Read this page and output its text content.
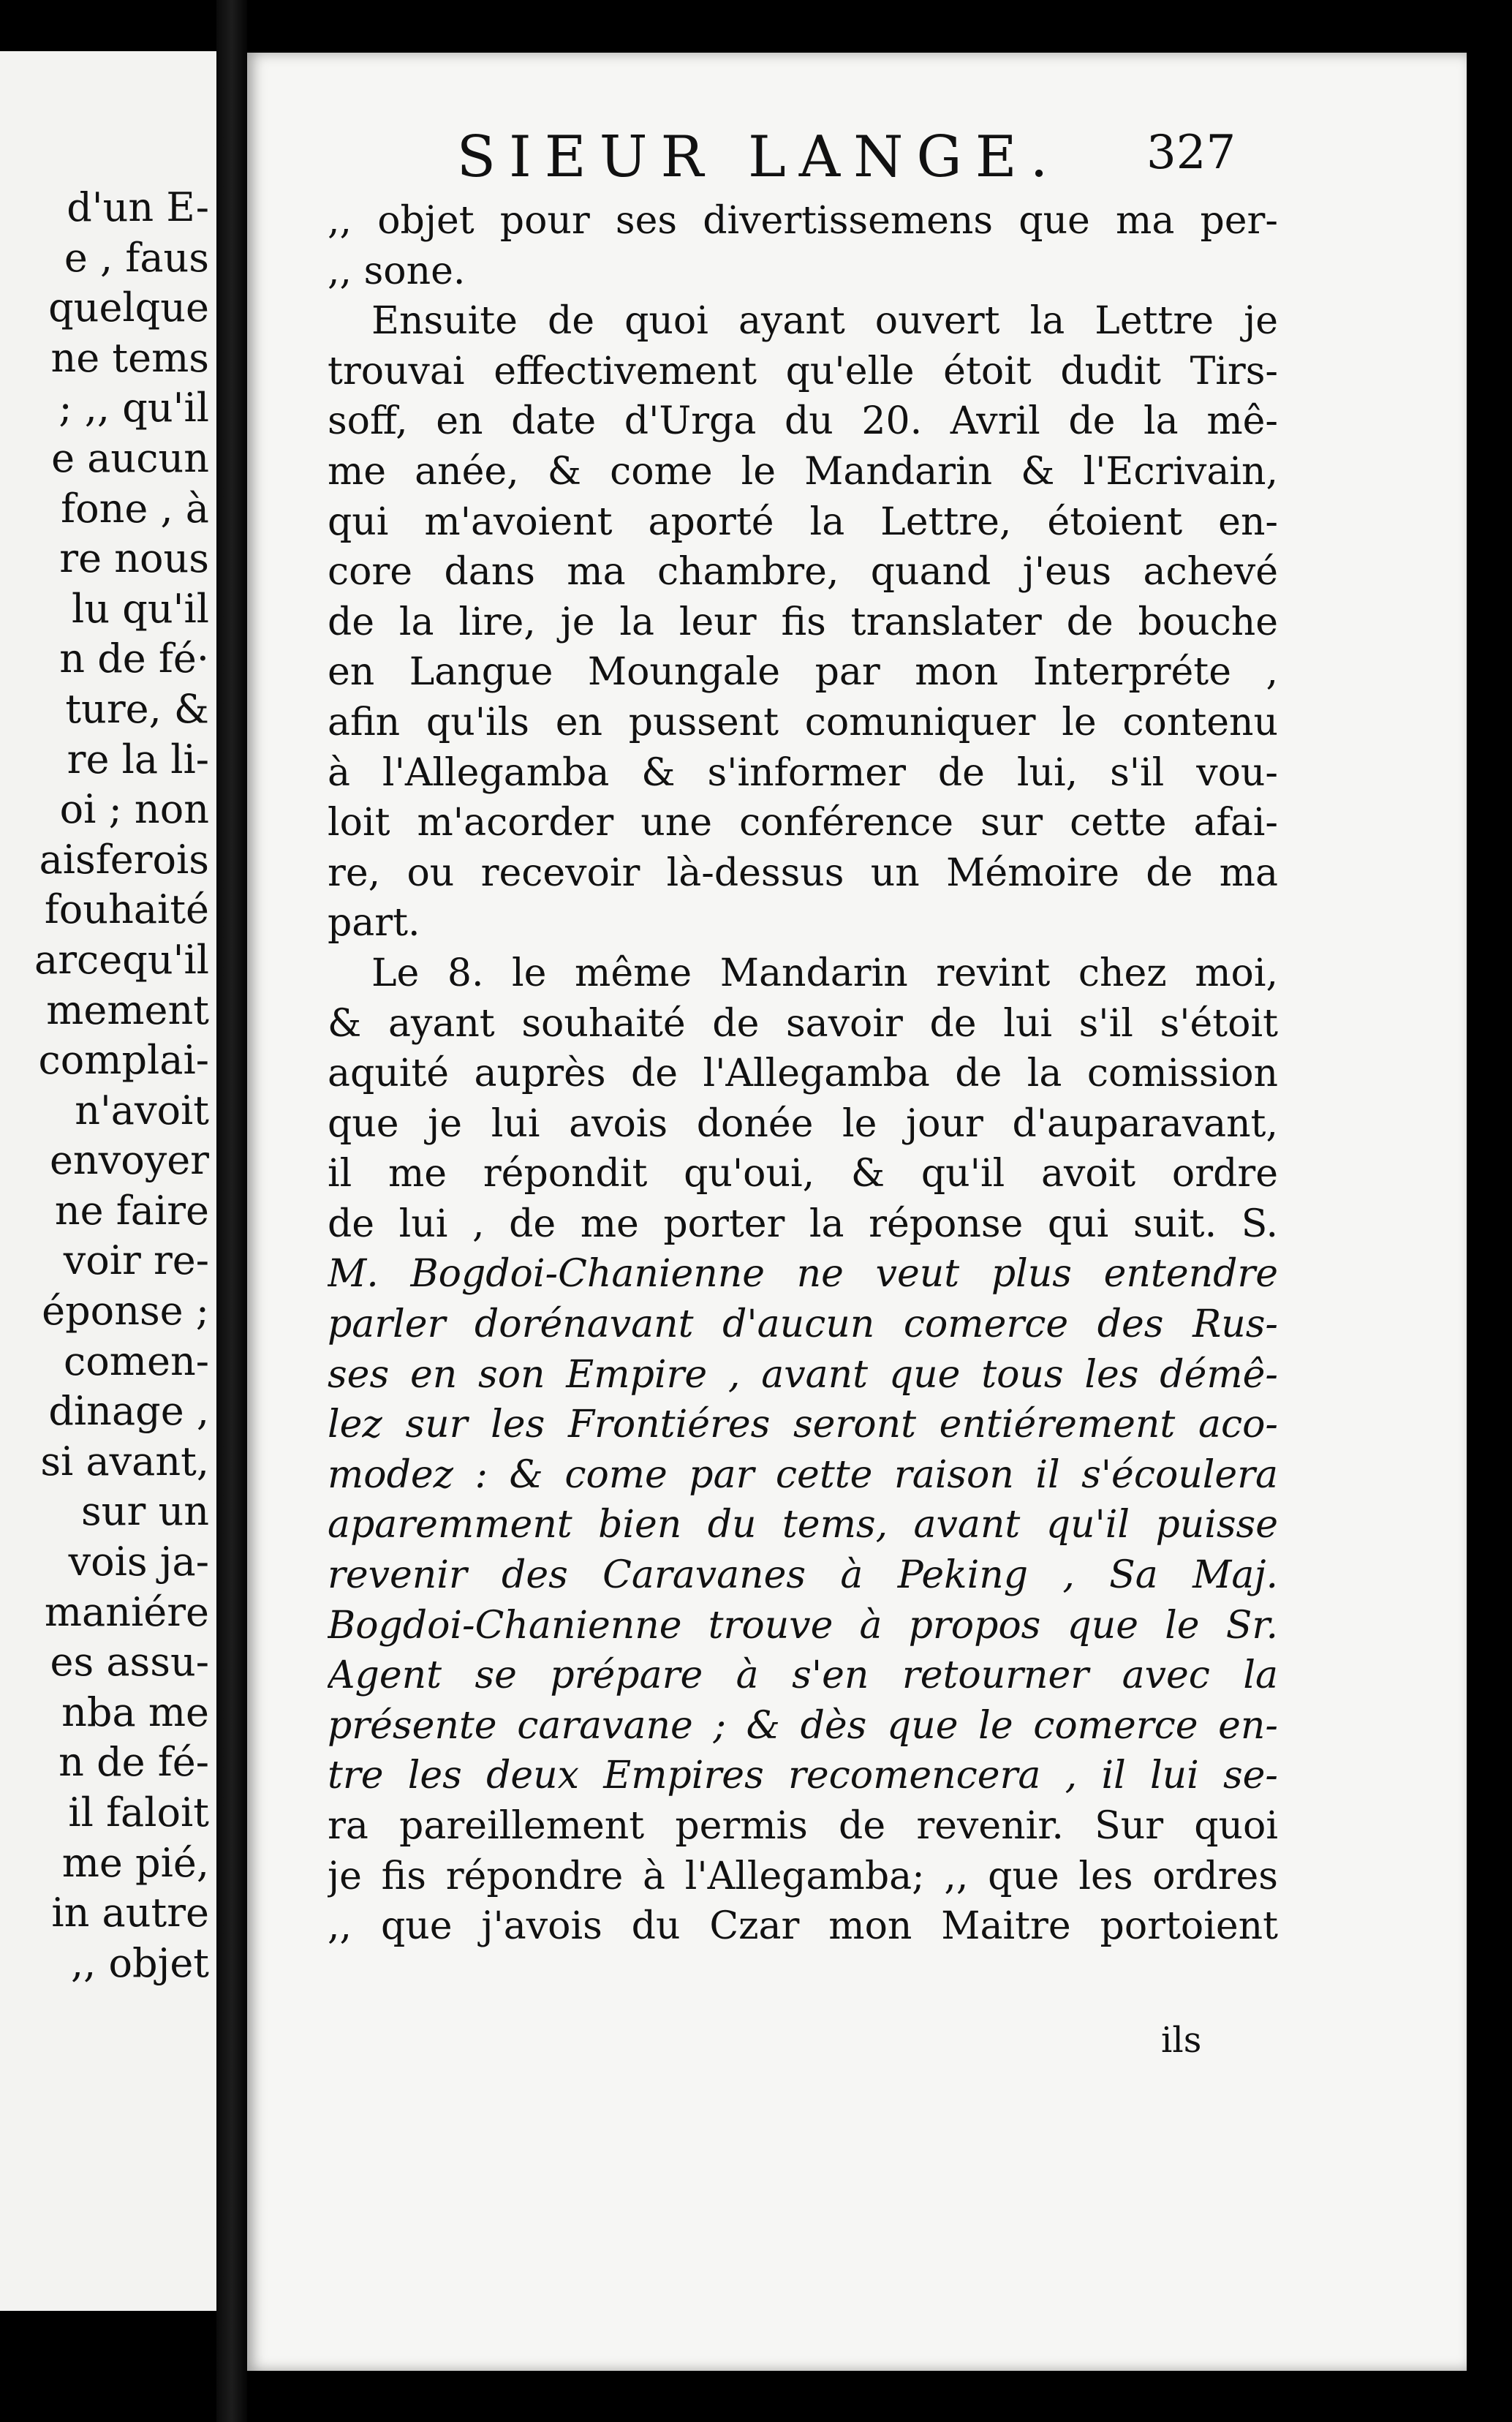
d'un E-
e , faus
quelque
ne tems
; ,, qu'il
e aucun
fone , à
re nous
lu qu'il
n de fé·
ture, &
re la li-
oi ; non
aisferois
fouhaité
arcequ'il
mement
complai-
n'avoit
envoyer
ne faire
voir re-
éponse ;
comen-
dinage ,
si avant,
sur un
vois ja-
maniére
es assu-
nba me
n de fé-
il faloit
me pié,
in autre
,, objet
SIEUR LANGE.	327
,, objet pour ses divertissemens que ma per-
,, sone.
Ensuite de quoi ayant ouvert la Lettre je
trouvai effectivement qu'elle étoit dudit Tirs-
soff, en date d'Urga du 20. Avril de la mê-
me anée, & come le Mandarin & l'Ecrivain,
qui m'avoient aporté la Lettre, étoient en-
core dans ma chambre, quand j'eus achevé
de la lire, je la leur fis translater de bouche
en Langue Moungale par mon Interpréte ,
afin qu'ils en pussent comuniquer le contenu
à l'Allegamba & s'informer de lui, s'il vou-
loit m'acorder une conférence sur cette afai-
re, ou recevoir là-dessus un Mémoire de ma
part.
Le 8. le même Mandarin revint chez moi,
& ayant souhaité de savoir de lui s'il s'étoit
aquité auprès de l'Allegamba de la comission
que je lui avois donée le jour d'auparavant,
il me répondit qu'oui, & qu'il avoit ordre
de lui , de me porter la réponse qui suit. S.
M. Bogdoi-Chanienne ne veut plus entendre
parler dorénavant d'aucun comerce des Rus-
ses en son Empire , avant que tous les démê-
lez sur les Frontiéres seront entiérement aco-
modez : & come par cette raison il s'écoulera
aparemment bien du tems, avant qu'il puisse
revenir des Caravanes à Peking , Sa Maj.
Bogdoi-Chanienne trouve à propos que le Sr.
Agent se prépare à s'en retourner avec la
présente caravane ; & dès que le comerce en-
tre les deux Empires recomencera , il lui se-
ra pareillement permis de revenir. Sur quoi
je fis répondre à l'Allegamba; ,, que les ordres
,, que j'avois du Czar mon Maitre portoient
ils
